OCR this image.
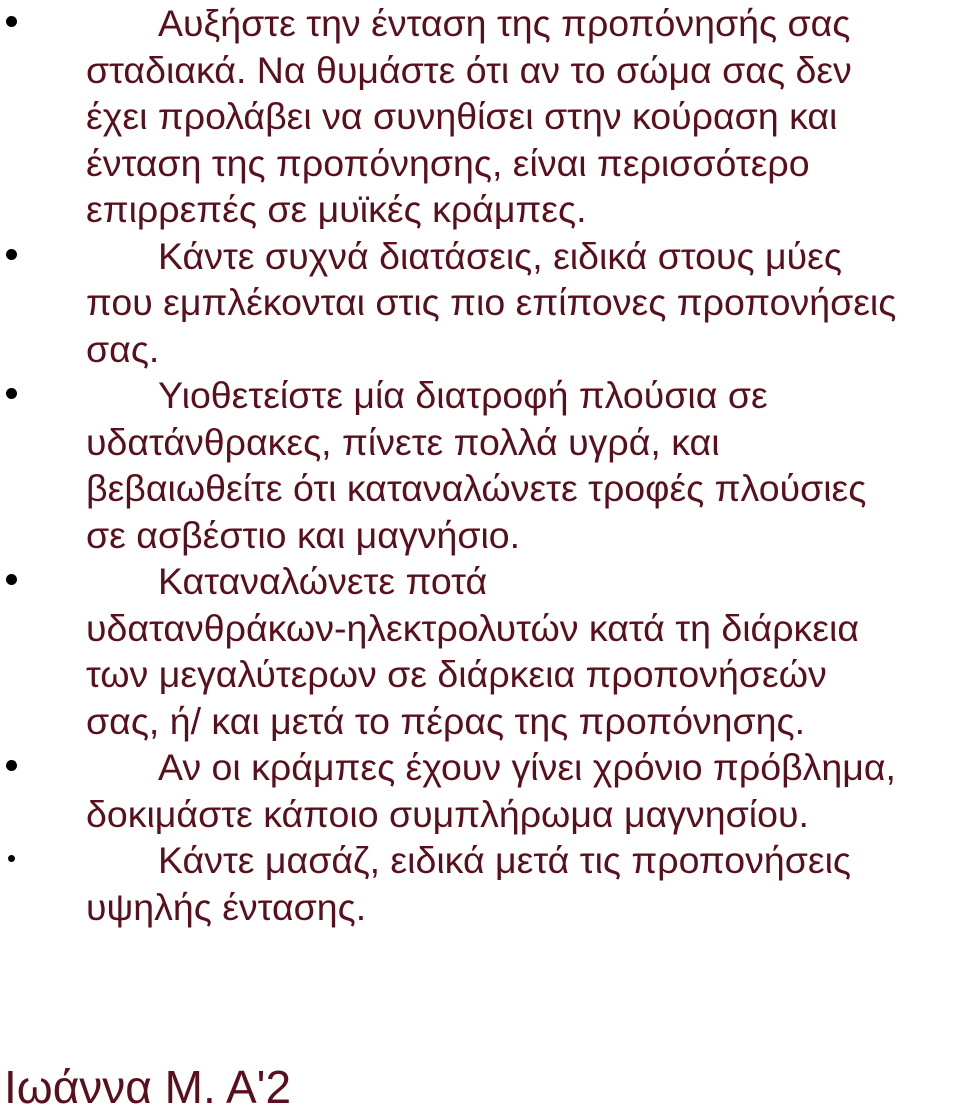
Αυξήστε την ένταση της προπόνησής σας
σταδιακά. Να θυμάστε ότι αν το σώμα σας δεν
έχει προλάβει να συνηθίσει στην κούραση και
ένταση της προπόνησης, είναι περισσότερο
επιρρεπές σε μυϊκές κράμπες.
Κάντε συχνά διατάσεις, ειδικά στους μύες
που εμπλέκονται στις πιο επίπονες προπονήσεις
σας.
Υιοθετείστε μία διατροφή πλούσια σε
υδατάνθρακες, πίνετε πολλά υγρά, και
βεβαιωθείτε ότι καταναλώνετε τροφές πλούσιες
σε ασβέστιο και μαγνήσιο.
Καταναλώνετε ποτά
υδατανθράκων-ηλεκτρολυτών κατά τη διάρκεια
των μεγαλύτερων σε διάρκεια προπονήσεών
σας, ή/ και μετά το πέρας της προπόνησης.
Αν οι κράμπες έχουν γίνει χρόνιο πρόβλημα,
δοκιμάστε κάποιο συμπλήρωμα μαγνησίου.
Κάντε μασάζ, ειδικά μετά τις προπονήσεις
υψηλής έντασης.
Ιωάννα Μ. Α'2
